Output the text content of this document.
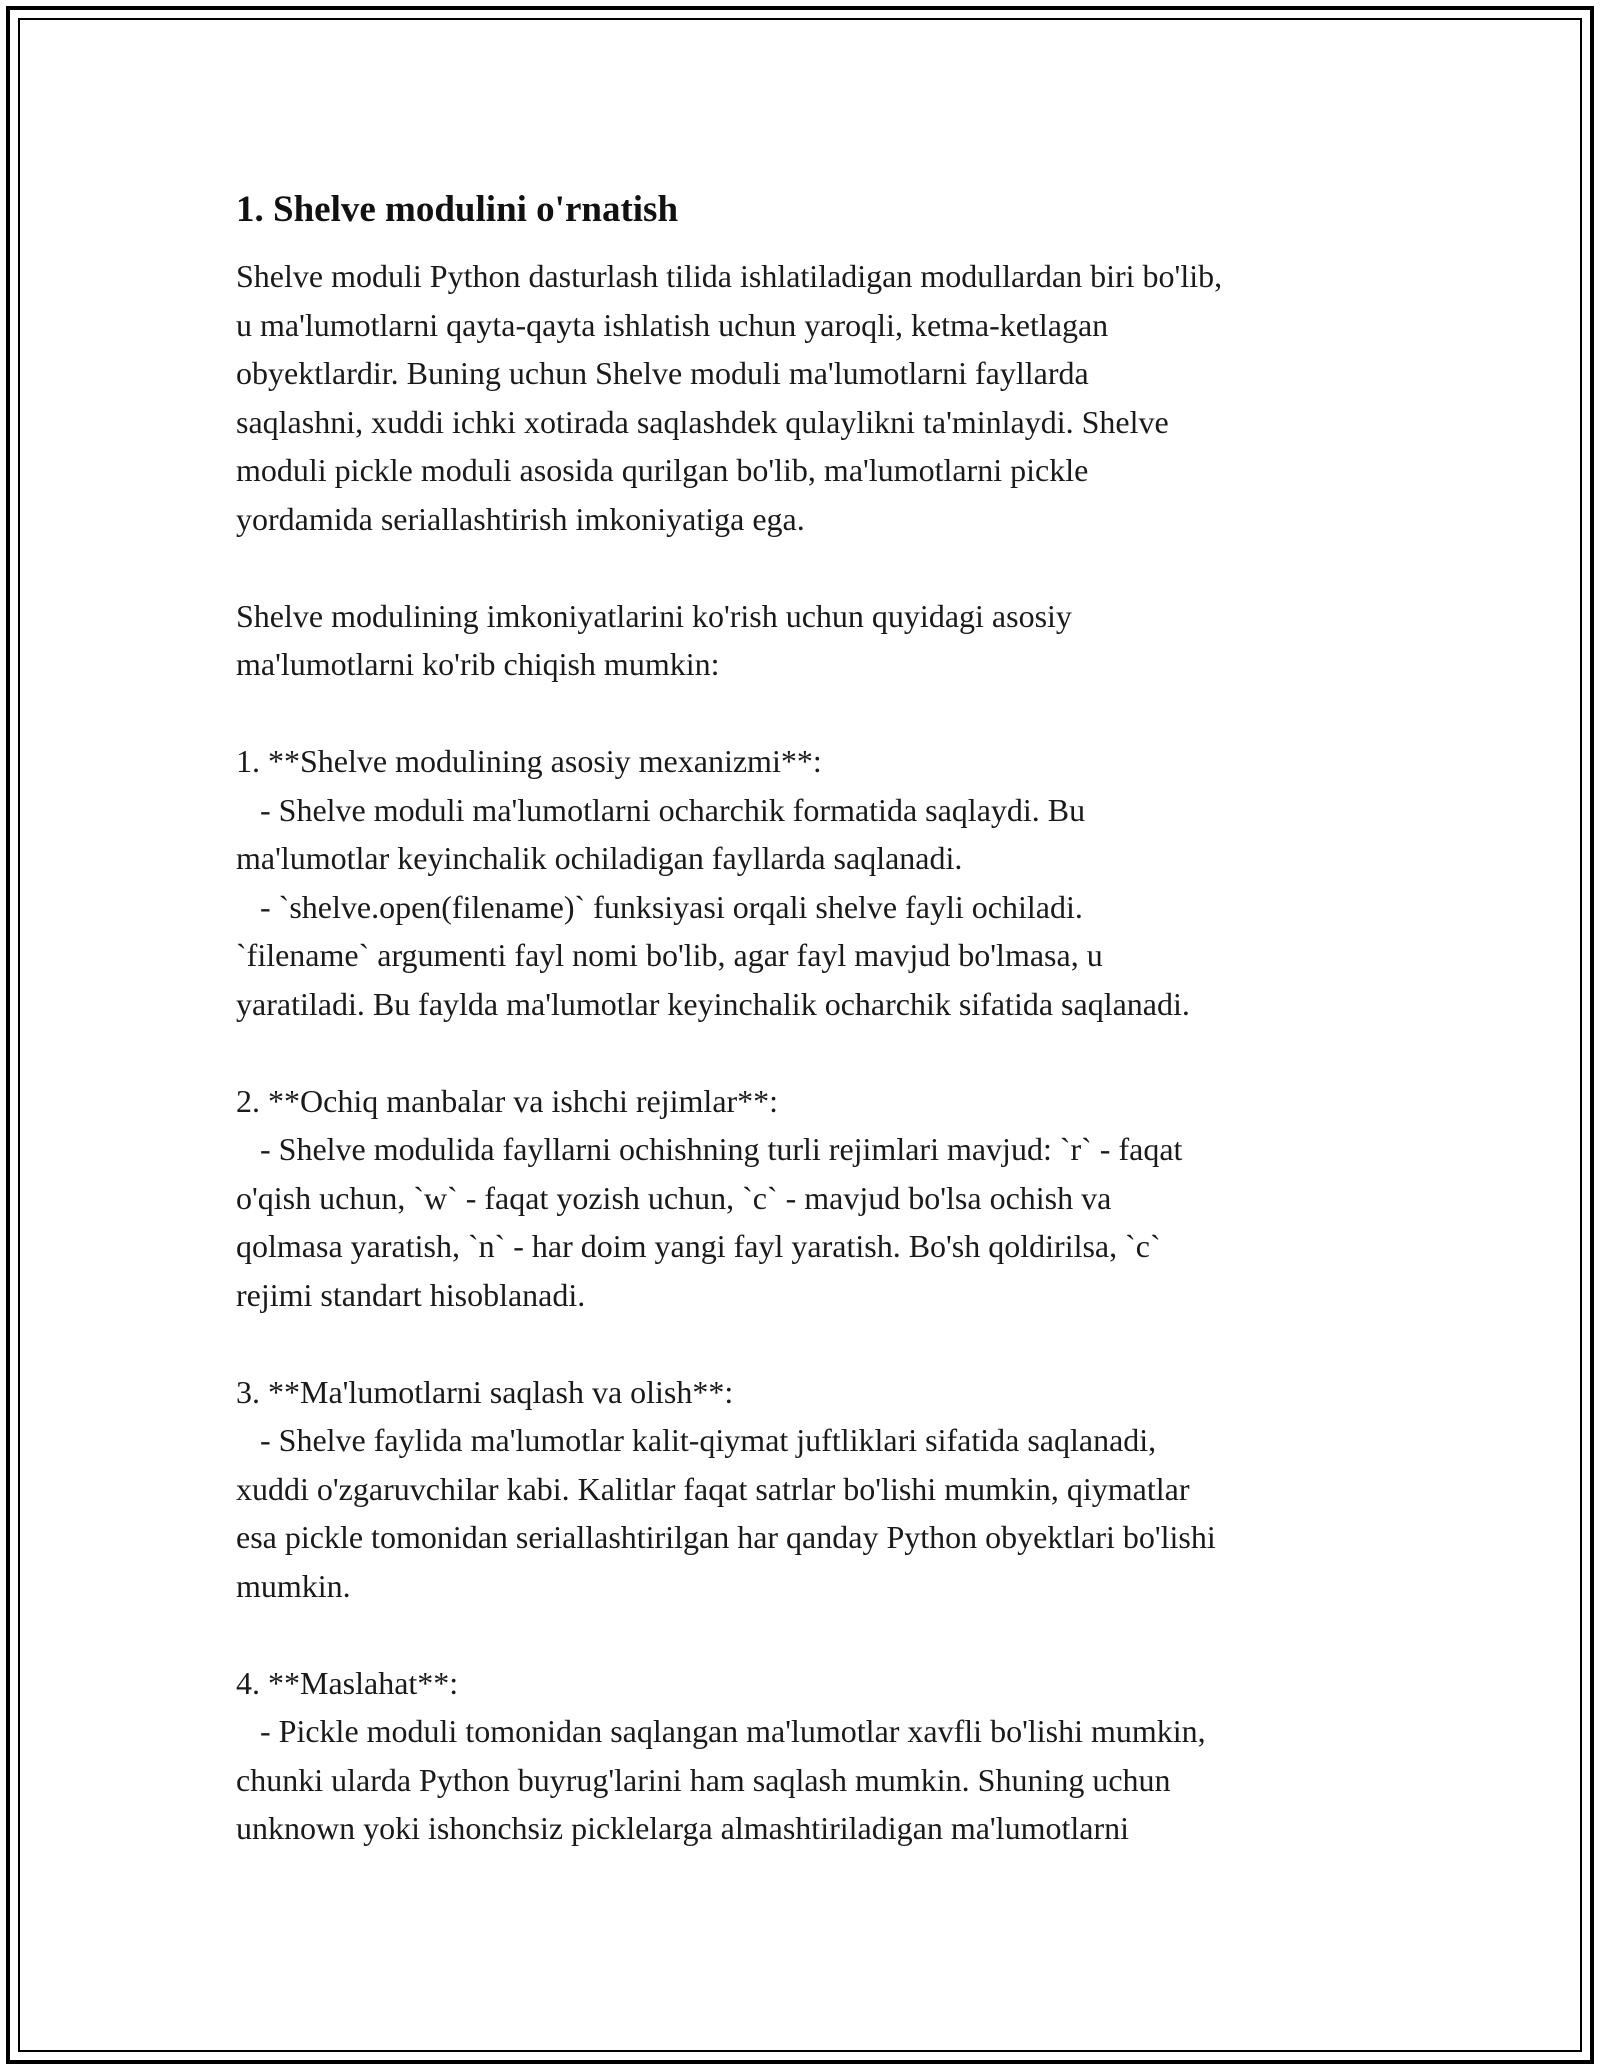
1. Shelve modulini o'rnatish
Shelve moduli Python dasturlash tilida ishlatiladigan modullardan biri bo'lib,
u ma'lumotlarni qayta-qayta ishlatish uchun yaroqli, ketma-ketlagan
obyektlardir. Buning uchun Shelve moduli ma'lumotlarni fayllarda
saqlashni, xuddi ichki xotirada saqlashdek qulaylikni ta'minlaydi. Shelve
moduli pickle moduli asosida qurilgan bo'lib, ma'lumotlarni pickle
yordamida seriallashtirish imkoniyatiga ega.
Shelve modulining imkoniyatlarini ko'rish uchun quyidagi asosiy
ma'lumotlarni ko'rib chiqish mumkin:
1. **Shelve modulining asosiy mexanizmi**:
- Shelve moduli ma'lumotlarni ocharchik formatida saqlaydi. Bu
ma'lumotlar keyinchalik ochiladigan fayllarda saqlanadi.
- `shelve.open(filename)` funksiyasi orqali shelve fayli ochiladi.
`filename` argumenti fayl nomi bo'lib, agar fayl mavjud bo'lmasa, u
yaratiladi. Bu faylda ma'lumotlar keyinchalik ocharchik sifatida saqlanadi.
2. **Ochiq manbalar va ishchi rejimlar**:
- Shelve modulida fayllarni ochishning turli rejimlari mavjud: `r` - faqat
o'qish uchun, `w` - faqat yozish uchun, `c` - mavjud bo'lsa ochish va
qolmasa yaratish, `n` - har doim yangi fayl yaratish. Bo'sh qoldirilsa, `c`
rejimi standart hisoblanadi.
3. **Ma'lumotlarni saqlash va olish**:
- Shelve faylida ma'lumotlar kalit-qiymat juftliklari sifatida saqlanadi,
xuddi o'zgaruvchilar kabi. Kalitlar faqat satrlar bo'lishi mumkin, qiymatlar
esa pickle tomonidan seriallashtirilgan har qanday Python obyektlari bo'lishi
mumkin.
4. **Maslahat**:
- Pickle moduli tomonidan saqlangan ma'lumotlar xavfli bo'lishi mumkin,
chunki ularda Python buyrug'larini ham saqlash mumkin. Shuning uchun
unknown yoki ishonchsiz picklelarga almashtiriladigan ma'lumotlarni
